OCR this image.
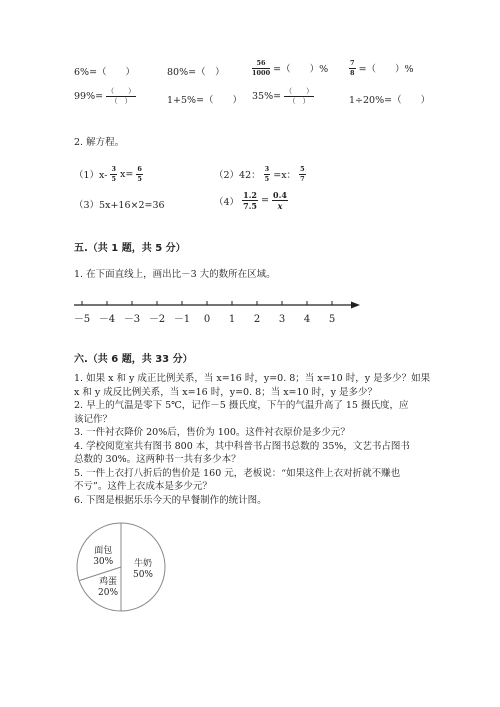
6%=（　　）	80%=（　）	$\frac{56}{1000}$ =（　　）%	$\frac{7}{8}$ =（　　）%
$99\%= \frac{( )}{( )}$	1+5%=（　　） $35\%= \frac{( )}{( )}$	1÷20%=（　　）
2. 解方程。
$(1)x- \frac{3}{5} x= \frac{6}{5}$	（2）42： $\frac{3}{5} =x$： $\frac{5}{7}$
（3）5x+16×2=36	$(4) \frac{1.2}{7.5} = \frac{0.4}{x}$
五.（共 1 题，共 5 分）
1. 在下面直线上，画出比－3 大的数所在区域。
－5 －4 －3 －2 －1 0 1 2 3 4 5
六.（共 6 题，共 33 分）
1. 如果 x 和 y 成正比例关系，当 x=16 时，y=0. 8；当 x=10 时，y 是多少？如果
x 和 y 成反比例关系，当 x=16 时，y=0. 8；当 x=10 时，y 是多少？
2. 早上的气温是零下 5℃，记作－5 摄氏度，下午的气温升高了 15 摄氏度，应
该记作？
3. 一件衬衣降价 20%后，售价为 100。这件衬衣原价是多少元？
4. 学校阅览室共有图书 800 本，其中科普书占图书总数的 35%，文艺书占图书
总数的 30%。这两种书一共有多少本？
5. 一件上衣打八折后的售价是 160 元，老板说：“如果这件上衣对折就不赚也
不亏”。这件上衣成本是多少元？
6. 下图是根据乐乐今天的早餐制作的统计图。
牛奶
50%
鸡蛋
20%
面包
30%
